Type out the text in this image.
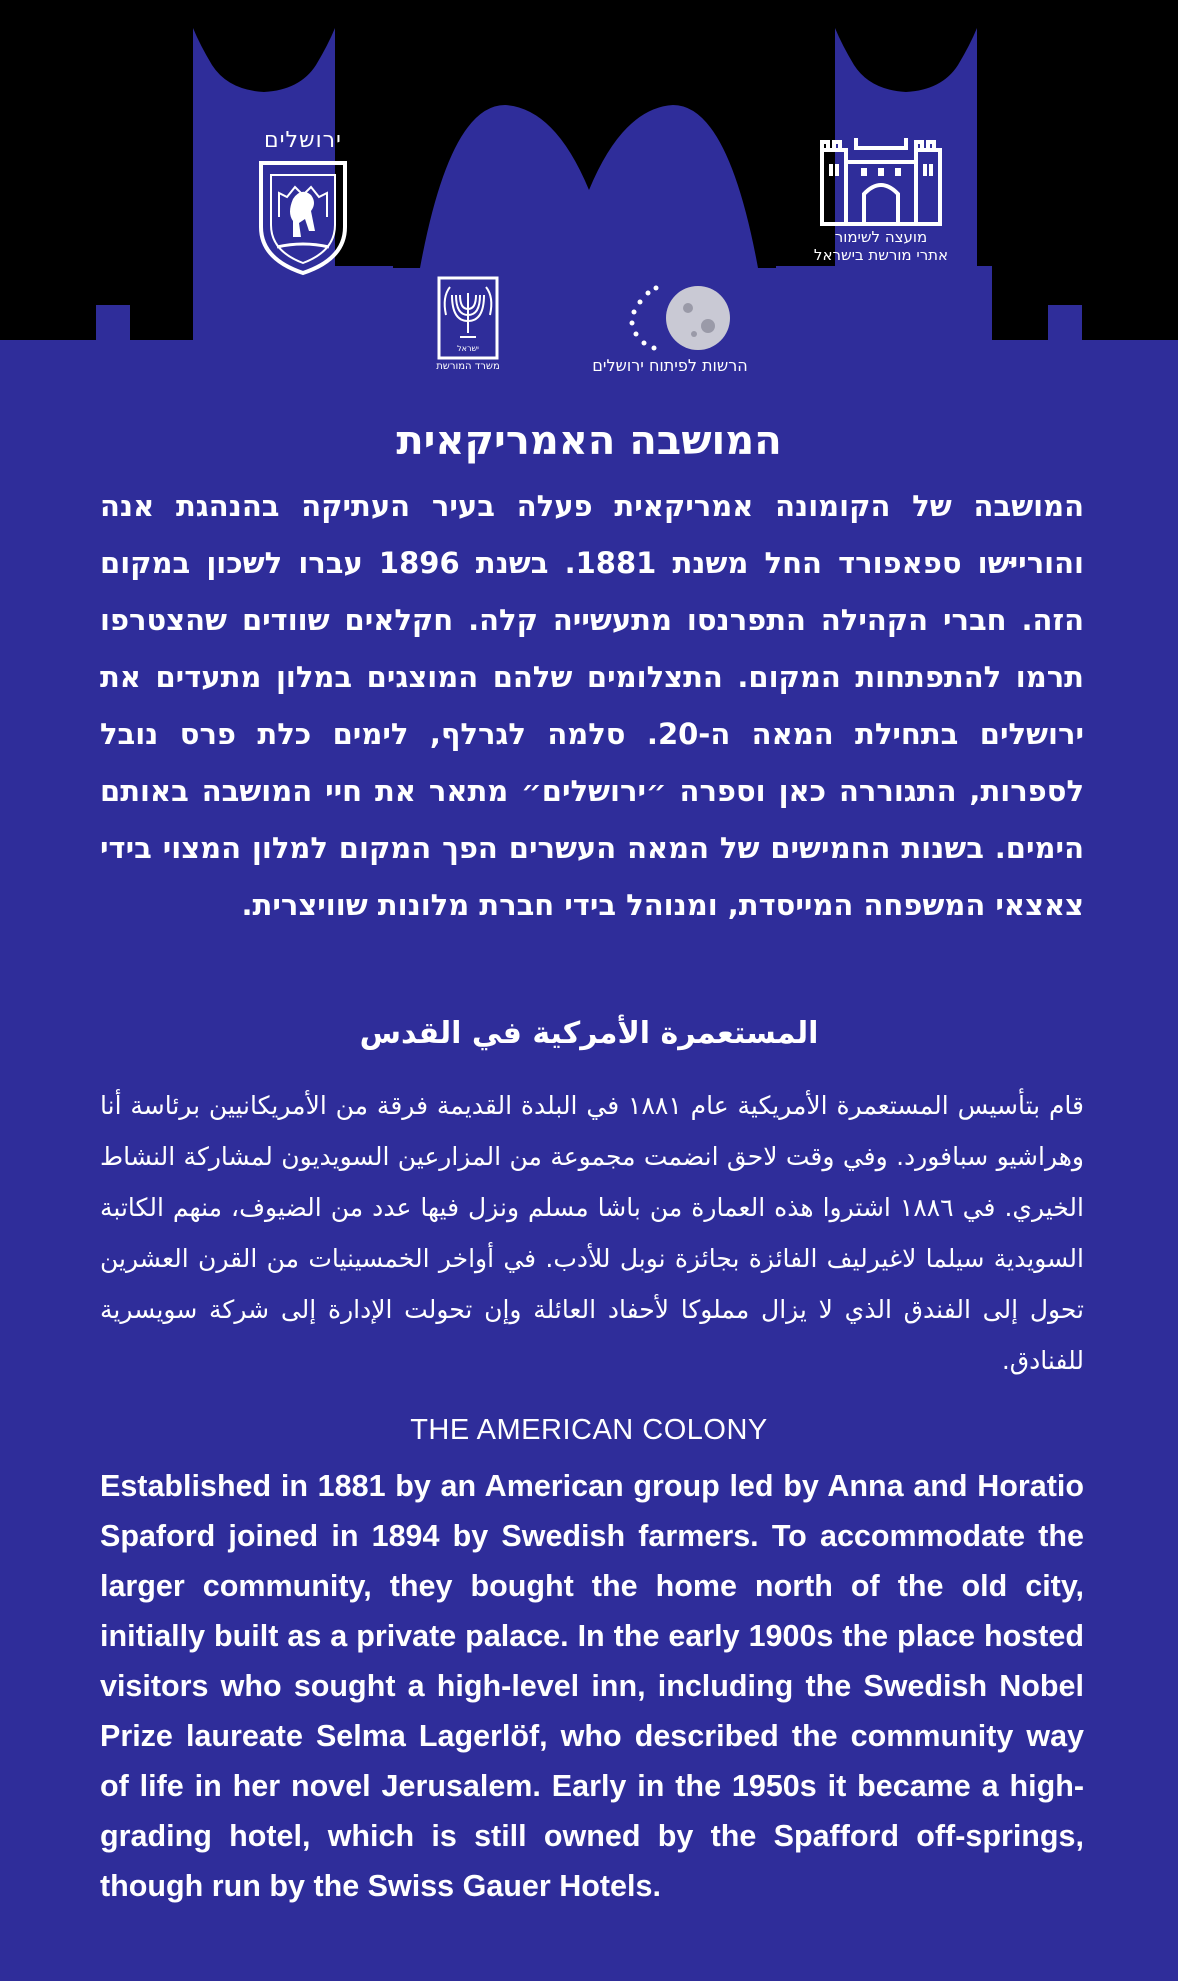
ירושלים
מועצה לשימור
אתרי מורשת בישראל
ישראל
משרד המורשת	הרשות לפיתוח ירושלים
המושבה האמריקאית

המושבה של הקומונה אמריקאית פעלה בעיר העתיקה בהנהגת אנה והורייּשו ספאפורד החל משנת 1881. בשנת 1896 עברו לשכון במקום הזה. חברי הקהילה התפרנסו מתעשייה קלה. חקלאים שוודים שהצטרפו תרמו להתפתחות המקום. התצלומים שלהם המוצגים במלון מתעדים את ירושלים בתחילת המאה ה-20. סלמה לגרלף, לימים כלת פרס נובל לספרות, התגוררה כאן וספרה ״ירושלים״ מתאר את חיי המושבה באותם הימים. בשנות החמישים של המאה העשרים הפך המקום למלון המצוי בידי צאצאי המשפחה המייסדת, ומנוהל בידי חברת מלונות שוויצרית.

المستعمرة الأمركية في القدس

قام بتأسيس المستعمرة الأمريكية عام ١٨٨١ في البلدة القديمة فرقة من الأمريكانيين برئاسة أنا وهراشيو سبافورد. وفي وقت لاحق انضمت مجموعة من المزارعين السويديون لمشاركة النشاط الخيري. في ١٨٨٦ اشتروا هذه العمارة من باشا مسلم ونزل فيها عدد من الضيوف، منهم الكاتبة السويدية سيلما لاغيرليف الفائزة بجائزة نوبل للأدب. في أواخر الخمسينيات من القرن العشرين تحول إلى الفندق الذي لا يزال مملوكا لأحفاد العائلة وإن تحولت الإدارة إلى شركة سويسرية للفنادق.

THE AMERICAN COLONY

Established in 1881 by an American group led by Anna and Horatio Spaford joined in 1894 by Swedish farmers. To accommodate the larger community, they bought the home north of the old city, initially built as a private palace. In the early 1900s the place hosted visitors who sought a high-level inn, including the Swedish Nobel Prize laureate Selma Lagerlöf, who described the community way of life in her novel Jerusalem. Early in the 1950s it became a high-grading hotel, which is still owned by the Spafford off-springs, though run by the Swiss Gauer Hotels.
